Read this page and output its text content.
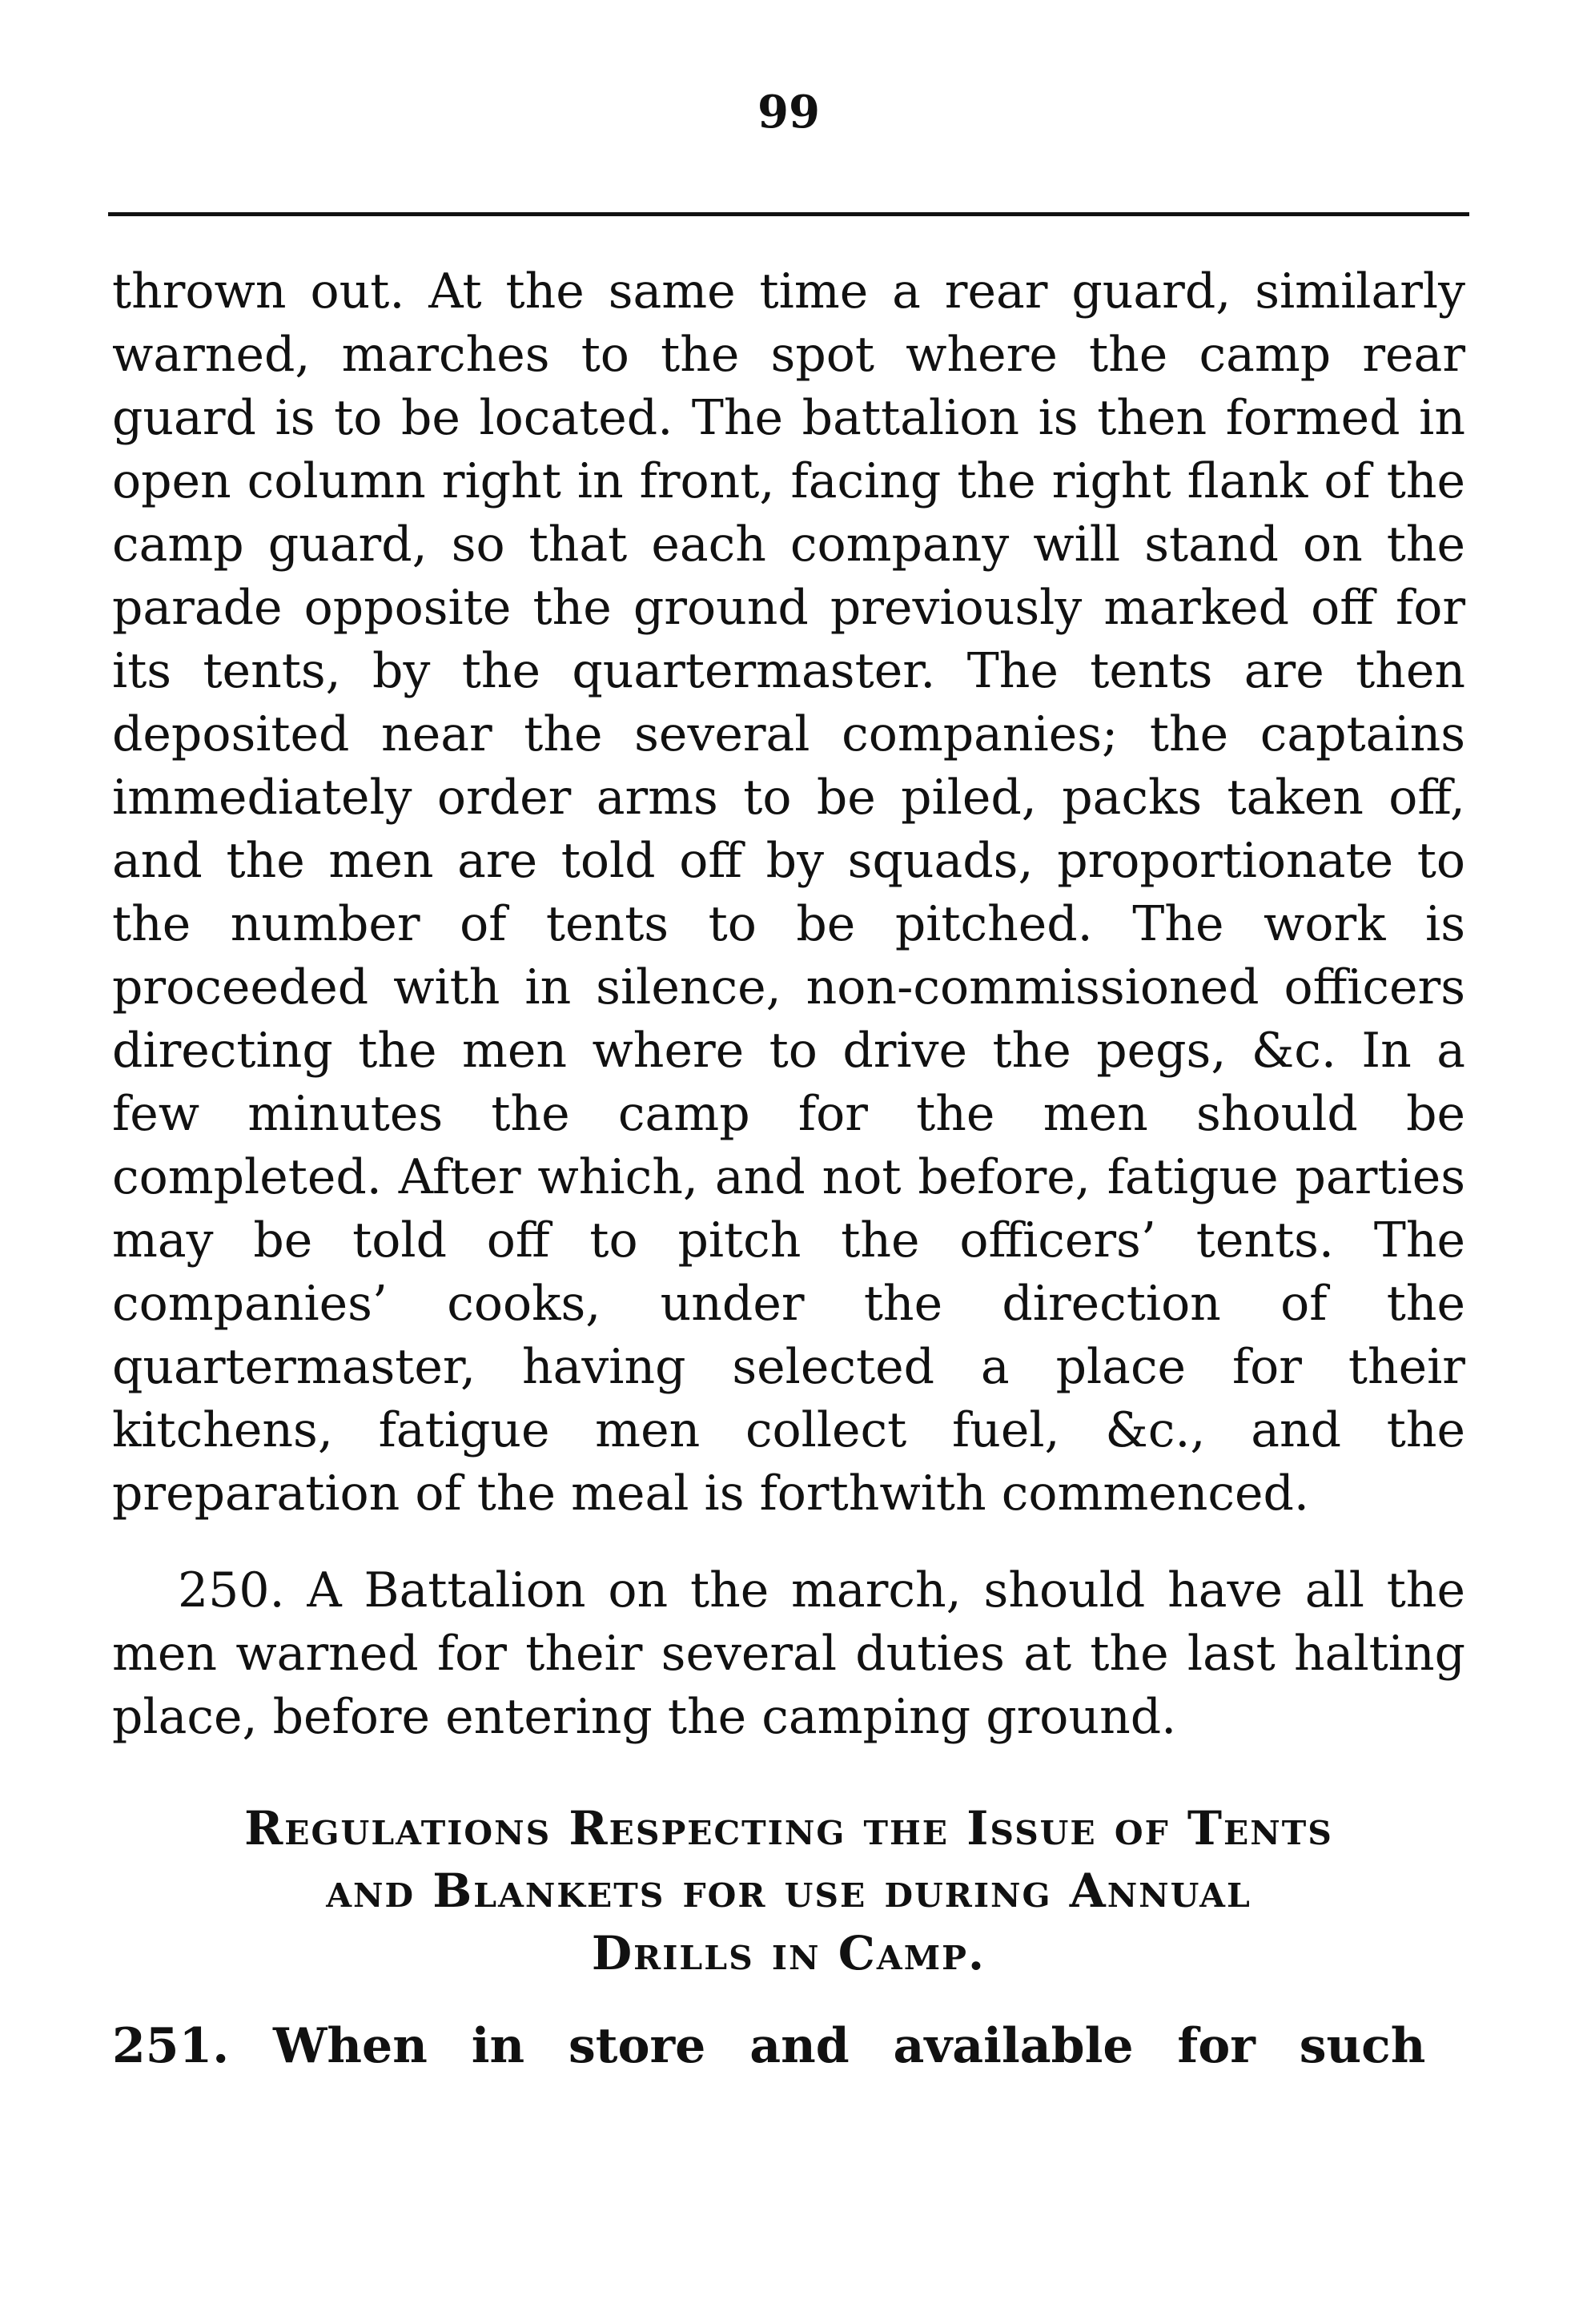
99

thrown out. At the same time a rear guard, similarly warned, marches to the spot where the camp rear guard is to be located. The battalion is then formed in open column right in front, facing the right flank of the camp guard, so that each company will stand on the parade opposite the ground previously marked off for its tents, by the quartermaster. The tents are then deposited near the several companies; the captains immediately order arms to be piled, packs taken off, and the men are told off by squads, proportionate to the number of tents to be pitched. The work is proceeded with in silence, non-commissioned officers directing the men where to drive the pegs, &c. In a few minutes the camp for the men should be completed. After which, and not before, fatigue parties may be told off to pitch the officers’ tents. The companies’ cooks, under the direction of the quartermaster, having selected a place for their kitchens, fatigue men collect fuel, &c., and the preparation of the meal is forthwith commenced.

250. A Battalion on the march, should have all the men warned for their several duties at the last halting place, before entering the camping ground.

Regulations Respecting the Issue of Tents
and Blankets for use during Annual
Drills in Camp.

251. When in store and available for such
